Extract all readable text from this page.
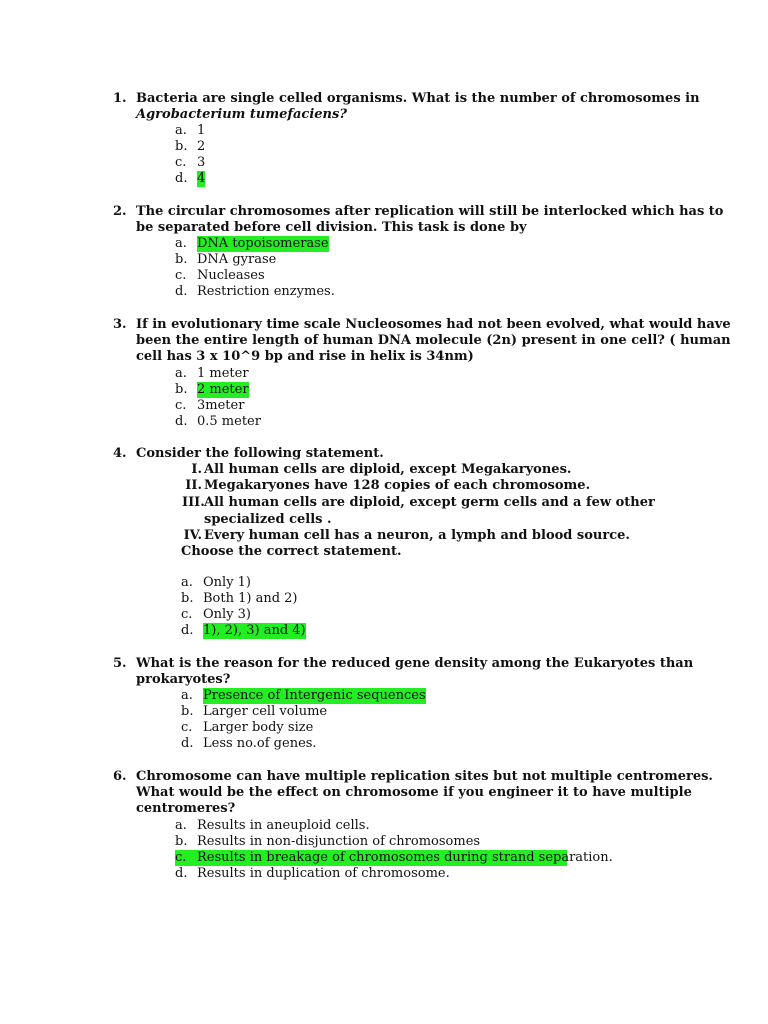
1. Bacteria are single celled organisms. What is the number of chromosomes in
Agrobacterium tumefaciens?
a. 1
b. 2
c. 3
d. 4
2. The circular chromosomes after replication will still be interlocked which has to
be separated before cell division. This task is done by
a. DNA topoisomerase
b. DNA gyrase
c. Nucleases
d. Restriction enzymes.
3. If in evolutionary time scale Nucleosomes had not been evolved, what would have
been the entire length of human DNA molecule (2n) present in one cell? ( human
cell has 3 x 10^9 bp and rise in helix is 34nm)
a. 1 meter
b. 2 meter
c. 3meter
d. 0.5 meter
4. Consider the following statement.
I. All human cells are diploid, except Megakaryones.
II. Megakaryones have 128 copies of each chromosome.
III. All human cells are diploid, except germ cells and a few other
specialized cells .
IV. Every human cell has a neuron, a lymph and blood source.
Choose the correct statement.
a. Only 1)
b. Both 1) and 2)
c. Only 3)
d. 1), 2), 3) and 4)
5. What is the reason for the reduced gene density among the Eukaryotes than
prokaryotes?
a. Presence of Intergenic sequences
b. Larger cell volume
c. Larger body size
d. Less no.of genes.
6. Chromosome can have multiple replication sites but not multiple centromeres.
What would be the effect on chromosome if you engineer it to have multiple
centromeres?
a. Results in aneuploid cells.
b. Results in non-disjunction of chromosomes
c. Results in breakage of chromosomes during strand separation.
d. Results in duplication of chromosome.
